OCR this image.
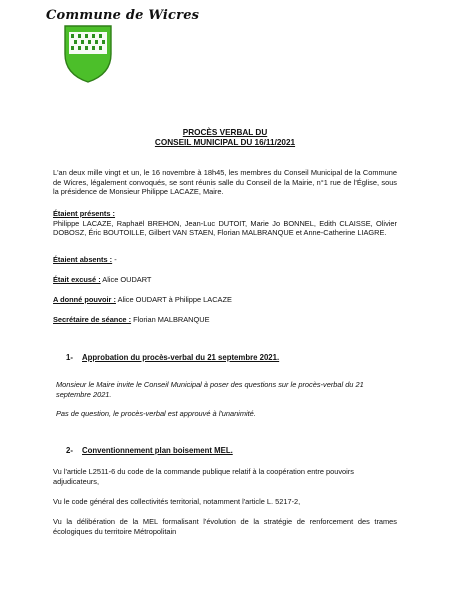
Commune de Wicres
PROCÈS VERBAL DU
CONSEIL MUNICIPAL DU 16/11/2021
L'an deux mille vingt et un, le 16 novembre à 18h45, les membres du Conseil Municipal de la Commune de Wicres, légalement convoqués, se sont réunis salle du Conseil de la Mairie, n°1 rue de l'Église, sous la présidence de Monsieur Philippe LACAZE, Maire.
Étaient présents :
Philippe LACAZE, Raphaël BREHON, Jean-Luc DUTOIT, Marie Jo BONNEL, Edith CLAISSE, Olivier DOBOSZ, Éric BOUTOILLE, Gilbert VAN STAEN, Florian MALBRANQUE et Anne-Catherine LIAGRE.
Étaient absents : -
Était excusé : Alice OUDART
A donné pouvoir : Alice OUDART à Philippe LACAZE
Secrétaire de séance : Florian MALBRANQUE
1- Approbation du procès-verbal du 21 septembre 2021.
Monsieur le Maire invite le Conseil Municipal à poser des questions sur le procès-verbal du 21 septembre 2021.
Pas de question, le procès-verbal est approuvé à l'unanimité.
2- Conventionnement plan boisement MEL.
Vu l'article L2511-6 du code de la commande publique relatif à la coopération entre pouvoirs adjudicateurs,
Vu le code général des collectivités territorial, notamment l'article L. 5217-2,
Vu la délibération de la MEL formalisant l'évolution de la stratégie de renforcement des trames écologiques du territoire Métropolitain
